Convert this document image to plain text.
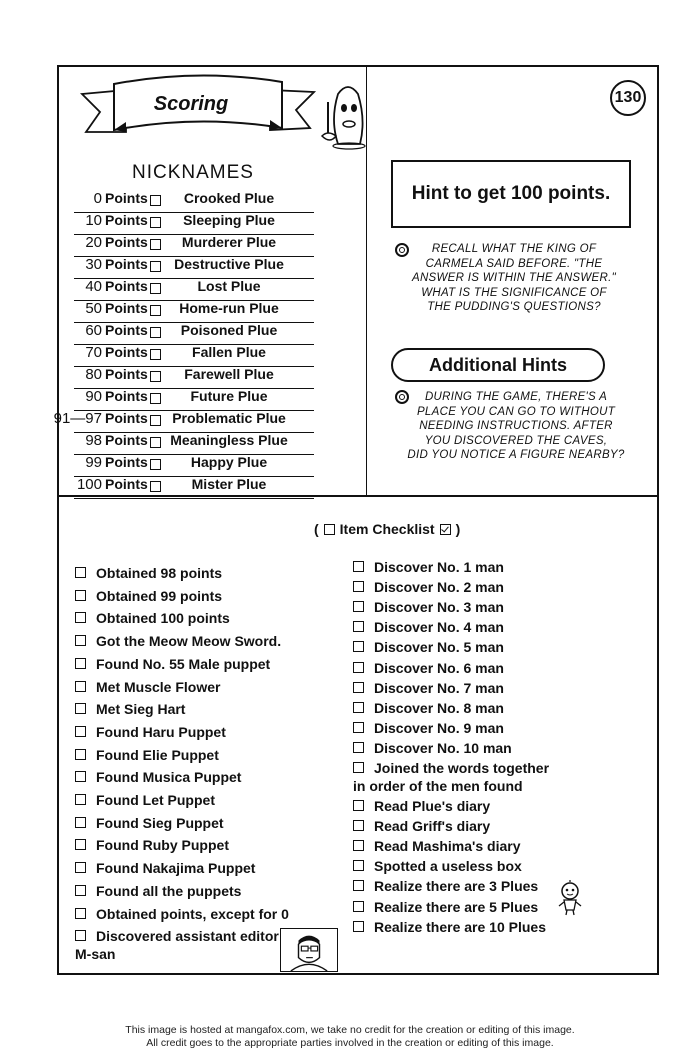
Scoring	130
NICKNAMES
0 Points	Crooked Plue
10 Points	Sleeping Plue
20 Points	Murderer Plue
30 Points	Destructive Plue
40 Points	Lost Plue
50 Points	Home-run Plue
60 Points	Poisoned Plue
70 Points	Fallen Plue
80 Points	Farewell Plue
90 Points	Future Plue
91—97 Points Problematic Plue
98 Points Meaningless Plue
99 Points	Happy Plue
100 Points	Mister Plue
Hint to get 100 points.
RECALL WHAT THE KING OF
CARMELA SAID BEFORE. "THE
ANSWER IS WITHIN THE ANSWER."
WHAT IS THE SIGNIFICANCE OF
THE PUDDING'S QUESTIONS?
Additional Hints
DURING THE GAME, THERE'S A
PLACE YOU CAN GO TO WITHOUT
NEEDING INSTRUCTIONS. AFTER
YOU DISCOVERED THE CAVES,
DID YOU NOTICE A FIGURE NEARBY?
( Item Checklist )
Obtained 98 points
Obtained 99 points
Obtained 100 points
Got the Meow Meow Sword.
Found No. 55 Male puppet
Met Muscle Flower
Met Sieg Hart
Found Haru Puppet
Found Elie Puppet
Found Musica Puppet
Found Let Puppet
Found Sieg Puppet
Found Ruby Puppet
Found Nakajima Puppet
Found all the puppets
Obtained points, except for 0
Discovered assistant editor
M-san
Discover No. 1 man
Discover No. 2 man
Discover No. 3 man
Discover No. 4 man
Discover No. 5 man
Discover No. 6 man
Discover No. 7 man
Discover No. 8 man
Discover No. 9 man
Discover No. 10 man
Joined the words together
in order of the men found
Read Plue's diary
Read Griff's diary
Read Mashima's diary
Spotted a useless box
Realize there are 3 Plues
Realize there are 5 Plues
Realize there are 10 Plues
This image is hosted at mangafox.com, we take no credit for the creation or editing of this image.
All credit goes to the appropriate parties involved in the creation or editing of this image.
